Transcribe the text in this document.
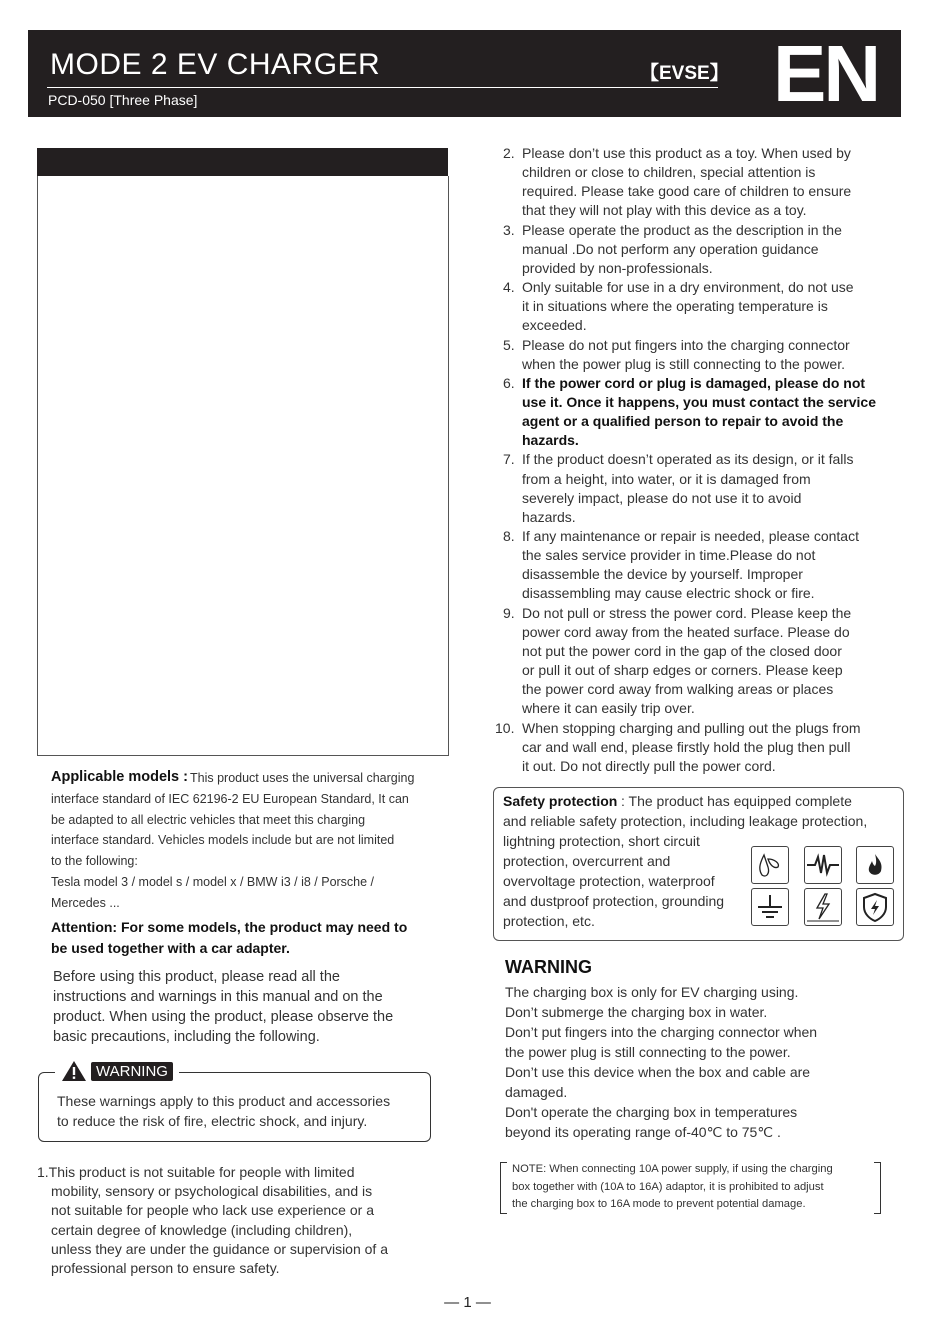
MODE 2 EV CHARGER
PCD-050 [Three Phase]
【EVSE】 EN
WARNING
— 1 —
Applicable models : This product uses the universal charging
interface standard of IEC 62196-2 EU European Standard, It can
be adapted to all electric vehicles that meet this charging
interface standard. Vehicles models include but are not limited
to the following:
Tesla model 3 / model s / model x / BMW i3 / i8 / Porsche /
Mercedes ...
Attention: For some models, the product may need to
be used together with a car adapter.
Before using this product, please read all the
instructions and warnings in this manual and on the
product. When using the product, please observe the
basic precautions, including the following.
These warnings apply to this product and accessories
to reduce the risk of fire, electric shock, and injury.
1.This product is not suitable for people with limited
mobility, sensory or psychological disabilities, and is
not suitable for people who lack use experience or a
certain degree of knowledge (including children),
unless they are under the guidance or supervision of a
professional person to ensure safety.
2. Please don’t use this product as a toy. When used by
children or close to children, special attention is
required. Please take good care of children to ensure
that they will not play with this device as a toy.
3. Please operate the product as the description in the
manual .Do not perform any operation guidance
provided by non-professionals.
4. Only suitable for use in a dry environment, do not use
it in situations where the operating temperature is
exceeded.
5. Please do not put fingers into the charging connector
when the power plug is still connecting to the power.
6. If the power cord or plug is damaged, please do not
use it. Once it happens, you must contact the service
agent or a qualified person to repair to avoid the
hazards.
7. If the product doesn’t operated as its design, or it falls
from a height, into water, or it is damaged from
severely impact, please do not use it to avoid
hazards.
8. If any maintenance or repair is needed, please contact
the sales service provider in time.Please do not
disassemble the device by yourself. Improper
disassembling may cause electric shock or fire.
9. Do not pull or stress the power cord. Please keep the
power cord away from the heated surface. Please do
not put the power cord in the gap of the closed door
or pull it out of sharp edges or corners. Please keep
the power cord away from walking areas or places
where it can easily trip over.
10. When stopping charging and pulling out the plugs from
car and wall end, please firstly hold the plug then pull
it out. Do not directly pull the power cord.
Safety protection : The product has equipped complete
and reliable safety protection, including leakage protection,
lightning protection, short circuit
protection, overcurrent and
overvoltage protection, waterproof
and dustproof protection, grounding
protection, etc.
WARNING
The charging box is only for EV charging using.
Don’t submerge the charging box in water.
Don’t put fingers into the charging connector when
the power plug is still connecting to the power.
Don’t use this device when the box and cable are
damaged.
Don't operate the charging box in temperatures
beyond its operating range of-40℃ to 75℃ .
NOTE: When connecting 10A power supply, if using the charging
box together with (10A to 16A) adaptor, it is prohibited to adjust
the charging box to 16A mode to prevent potential damage.
